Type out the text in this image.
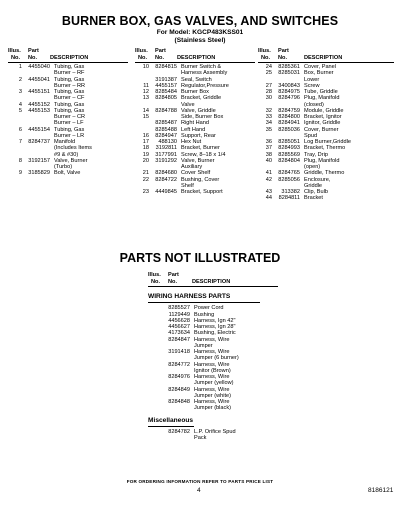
BURNER BOX, GAS VALVES, AND SWITCHES
For Model: KGCP483KSS01
(Stainless Steel)
Illus.
No.
Part
No. DESCRIPTION
1	4455040 Tubing, Gas
Burner – RF
2	4455041 Tubing, Gas
Burner – RR
3	4455151 Tubing, Gas
Burner – CF
4	4455152 Tubing, Gas
5	4455153 Tubing, Gas
Burner – CR
Burner – LF
6	4455154 Tubing, Gas
Burner – LR
7	8284737 Manifold
(Includes Items
#9 & #30)
8	3192157 Valve, Burner
(Turbo)
9	3185829 Bolt, Valve
Illus.
No.
Part
No. DESCRIPTION
10	8284815 Burner Switch &
Harness Assembly
3191387 Seal, Switch
11	4455157 Regulator,Pressure
12	8285484 Burner Box
13	8284805 Bracket, Griddle
Valve
14	8284788 Valve, Griddle
15	Side, Burner Box
8285487 Right Hand
8285488 Left Hand
16	8284947 Support, Rear
17	488130 Hex Nut
18	3192811 Bracket, Burner
19	3177991 Screw, 8–18 x 1/4
20	3191292 Valve, Burner
Auxiliary
21	8284680 Cover Shelf
22	8284722 Bushing, Cover
Shelf
23	4449845 Bracket, Support
Illus.
No.
Part
No.	DESCRIPTION
24	8285361 Cover, Panel
25	8285031 Box, Burner
Lower
27	3400843 Screw
28	8284975 Tube, Griddle
30	8284796 Plug, Manifold
(closed)
32	8284759 Module, Griddle
33	8284800 Bracket, Ignitor
34	8284941 Ignitor, Griddle
35	8285036 Cover, Burner
Spud
36	8285051 Log Burner,Griddle
37	8284993 Bracket, Thermo
38	8285569 Tray, Drip
40	8284804 Plug, Manifold
(open)
41	8284765 Griddle, Thermo
42	8285056 Enclosure,
Griddle
43	313382 Clip, Bulb
44	8284811 Bracket
PARTS NOT ILLUSTRATED
Illus.
No.
Part
No.	DESCRIPTION
WIRING HARNESS PARTS
8285527 Power Cord
1129449 Bushing
4456628 Harness, Ign 42"
4456627 Harness, Ign 28"
4173634 Bushing, Electric
8284847 Harness, Wire
Jumper
3191418 Harness, Wire
Jumper (6 burner)
8284772 Harness, Wire
Ignitor (Brown)
8284976 Harness, Wire
Jumper (yellow)
8284849 Harness, Wire
Jumper (white)
8284848 Harness, Wire
Jumper (black)
Miscellaneous
8284782 L.P. Orifice Spud
Pack
FOR ORDERING INFORMATION REFER TO PARTS PRICE LIST
4	8186121
